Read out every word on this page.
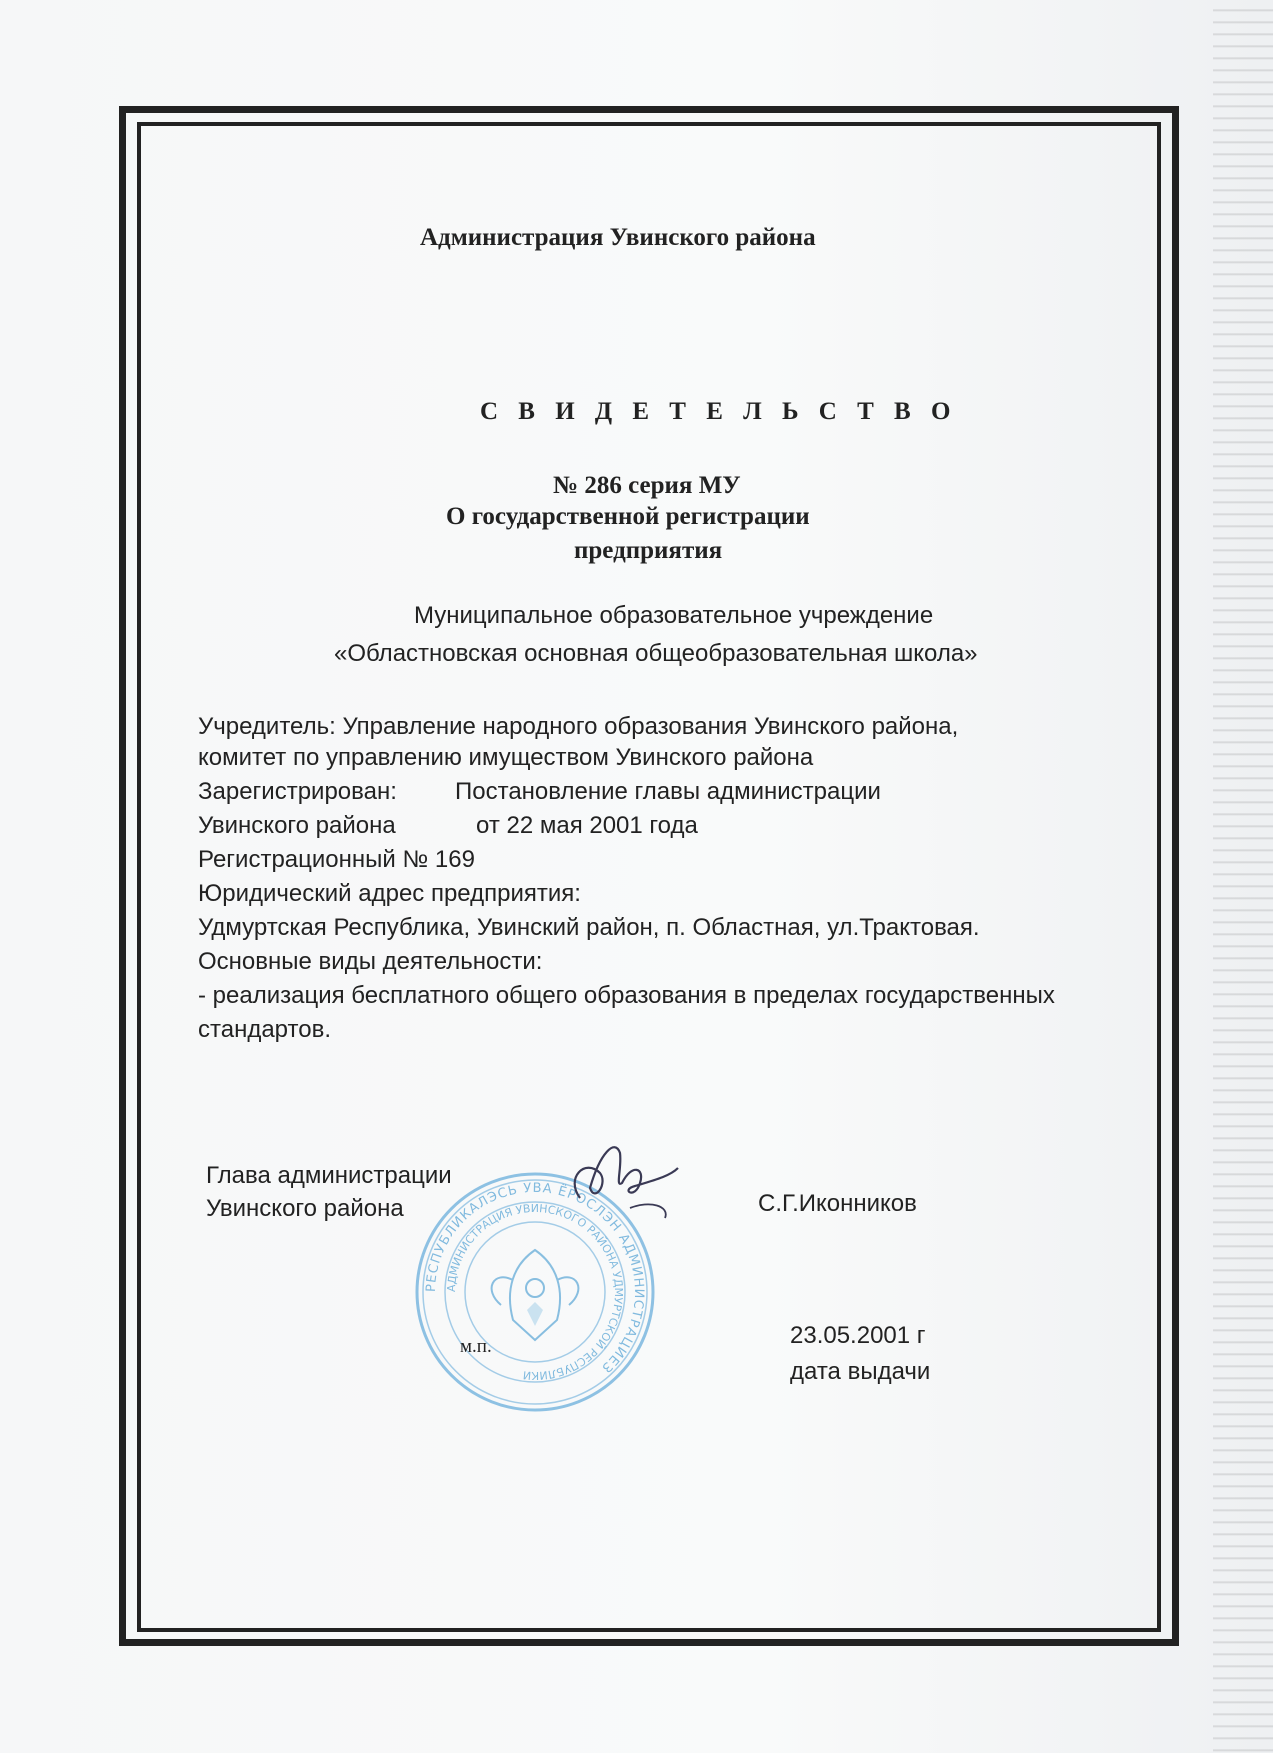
Администрация Увинского района
С В И Д Е Т Е Л Ь С Т В О
№ 286 серия МУ
О государственной регистрации
предприятия
Муниципальное образовательное учреждение
«Областновская основная общеобразовательная школа»
Учредитель: Управление народного образования Увинского района,
комитет по управлению имуществом Увинского района
Зарегистрирован: Постановление главы администрации
Увинского района	от 22 мая 2001 года
Регистрационный № 169
Юридический адрес предприятия:
Удмуртская Республика, Увинский район, п. Областная, ул.Трактовая.
Основные виды деятельности:
- реализация бесплатного общего образования в пределах государственных
стандартов.
РЕСПУБЛИКАЛЭСЬ УВА ЁРОСЛЭН АДМИНИСТРАЦИЕЗ
АДМИНИСТРАЦИЯ УВИНСКОГО РАЙОНА УДМУРТСКОЙ РЕСПУБЛИКИ
Глава администрации
Увинского района	С.Г.Иконников
м.п.	23.05.2001 г
дата выдачи
